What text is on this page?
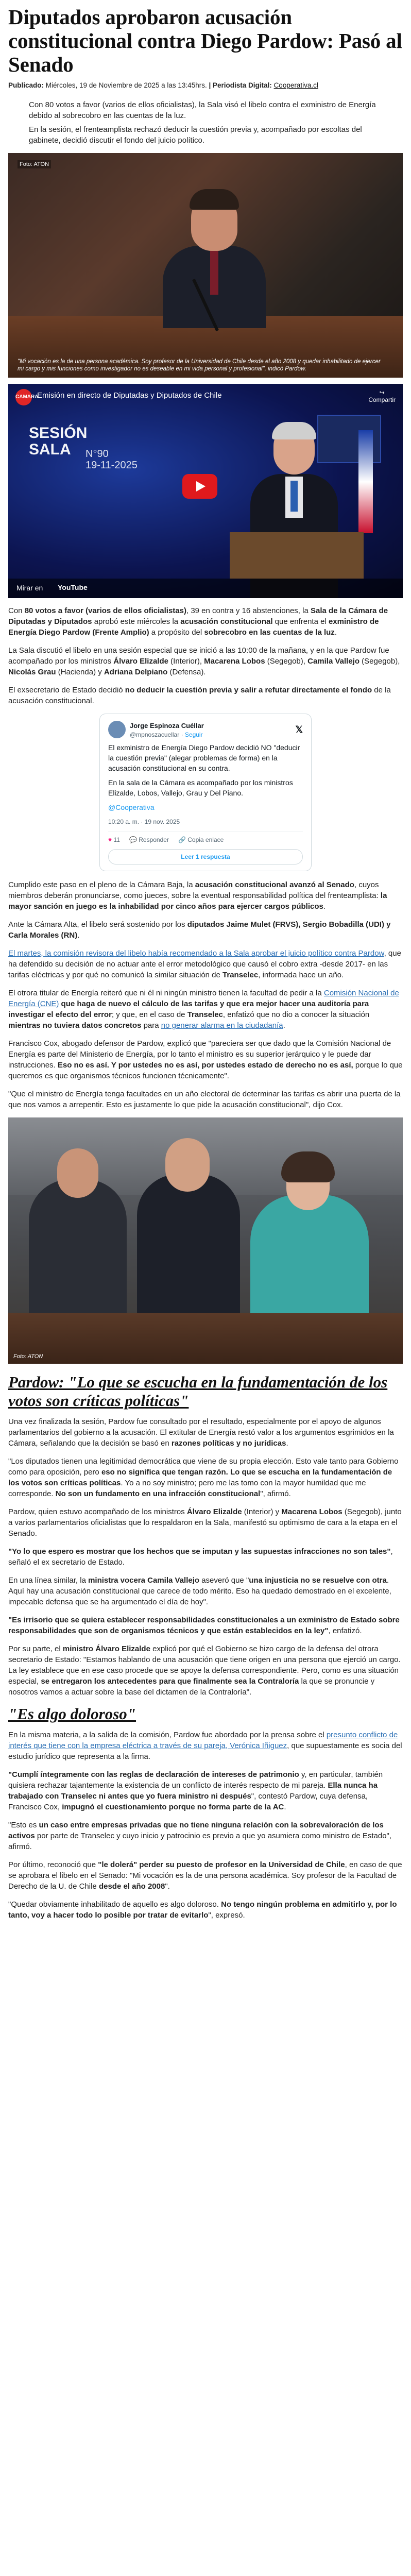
Diputados aprobaron acusación constitucional contra Diego Pardow: Pasó al Senado
Publicado: Miércoles, 19 de Noviembre de 2025 a las 13:45hrs. | Periodista Digital: Cooperativa.cl

Con 80 votos a favor (varios de ellos oficialistas), la Sala visó el libelo contra el exministro de Energía debido al sobrecobro en las cuentas de la luz.

En la sesión, el frenteamplista rechazó deducir la cuestión previa y, acompañado por escoltas del gabinete, decidió discutir el fondo del juicio político.

Foto: ATON
"Mi vocación es la de una persona académica. Soy profesor de la Universidad de Chile desde el año 2008 y quedar inhabilitado de ejercer mi cargo y mis funciones como investigador no es deseable en mi vida personal y profesional", indicó Pardow.
CAMARA
Emisión en directo de Diputadas y Diputados de Chile	↪
Compartir
SESIÓN
SALA	N°90
19-11-2025
Mirar en YouTube

Con 80 votos a favor (varios de ellos oficialistas), 39 en contra y 16 abstenciones, la Sala de la Cámara de Diputadas y Diputados aprobó este miércoles la acusación constitucional que enfrenta el exministro de Energía Diego Pardow (Frente Amplio) a propósito del sobrecobro en las cuentas de la luz.

La Sala discutió el libelo en una sesión especial que se inició a las 10:00 de la mañana, y en la que Pardow fue acompañado por los ministros Álvaro Elizalde (Interior), Macarena Lobos (Segegob), Camila Vallejo (Segegob), Nicolás Grau (Hacienda) y Adriana Delpiano (Defensa).

El exsecretario de Estado decidió no deducir la cuestión previa y salir a refutar directamente el fondo de la acusación constitucional.

Jorge Espinoza Cuéllar
@mpnoszacuellar · Seguir
𝕏

El exministro de Energía Diego Pardow decidió NO "deducir la cuestión previa" (alegar problemas de forma) en la acusación constitucional en su contra.

En la sala de la Cámara es acompañado por los ministros Elizalde, Lobos, Vallejo, Grau y Del Piano.

@Cooperativa

10:20 a. m. · 19 nov. 2025
♥ 11 💬 Responder 🔗 Copia enlace
Leer 1 respuesta

Cumplido este paso en el pleno de la Cámara Baja, la acusación constitucional avanzó al Senado, cuyos miembros deberán pronunciarse, como jueces, sobre la eventual responsabilidad política del frenteamplista: la mayor sanción en juego es la inhabilidad por cinco años para ejercer cargos públicos.

Ante la Cámara Alta, el libelo será sostenido por los diputados Jaime Mulet (FRVS), Sergio Bobadilla (UDI) y Carla Morales (RN).

El martes, la comisión revisora del libelo había recomendado a la Sala aprobar el juicio político contra Pardow, que ha defendido su decisión de no actuar ante el error metodológico que causó el cobro extra -desde 2017- en las tarifas eléctricas y por qué no comunicó la similar situación de Transelec, informada hace un año.

El otrora titular de Energía reiteró que ni él ni ningún ministro tienen la facultad de pedir a la Comisión Nacional de Energía (CNE) que haga de nuevo el cálculo de las tarifas y que era mejor hacer una auditoría para investigar el efecto del error; y que, en el caso de Transelec, enfatizó que no dio a conocer la situación mientras no tuviera datos concretos para no generar alarma en la ciudadanía.

Francisco Cox, abogado defensor de Pardow, explicó que "pareciera ser que dado que la Comisión Nacional de Energía es parte del Ministerio de Energía, por lo tanto el ministro es su superior jerárquico y le puede dar instrucciones. Eso no es así. Y por ustedes no es así, por ustedes estado de derecho no es así, porque lo que queremos es que organismos técnicos funcionen técnicamente".

"Que el ministro de Energía tenga facultades en un año electoral de determinar las tarifas es abrir una puerta de la que nos vamos a arrepentir. Esto es justamente lo que pide la acusación constitucional", dijo Cox.

Foto: ATON
Pardow: "Lo que se escucha en la fundamentación de los votos son críticas políticas"

Una vez finalizada la sesión, Pardow fue consultado por el resultado, especialmente por el apoyo de algunos parlamentarios del gobierno a la acusación. El extitular de Energía restó valor a los argumentos esgrimidos en la Cámara, señalando que la decisión se basó en razones políticas y no jurídicas.

"Los diputados tienen una legitimidad democrática que viene de su propia elección. Esto vale tanto para Gobierno como para oposición, pero eso no significa que tengan razón. Lo que se escucha en la fundamentación de los votos son críticas políticas. Yo a no soy ministro; pero me las tomo con la mayor humildad que me corresponde. No son un fundamento en una infracción constitucional", afirmó.

Pardow, quien estuvo acompañado de los ministros Álvaro Elizalde (Interior) y Macarena Lobos (Segegob), junto a varios parlamentarios oficialistas que lo respaldaron en la Sala, manifestó su optimismo de cara a la etapa en el Senado.

"Yo lo que espero es mostrar que los hechos que se imputan y las supuestas infracciones no son tales", señaló el ex secretario de Estado.

En una línea similar, la ministra vocera Camila Vallejo aseveró que "una injusticia no se resuelve con otra. Aquí hay una acusación constitucional que carece de todo mérito. Eso ha quedado demostrado en el excelente, impecable defensa que se ha argumentado el día de hoy".

"Es irrisorio que se quiera establecer responsabilidades constitucionales a un exministro de Estado sobre responsabilidades que son de organismos técnicos y que están establecidos en la ley", enfatizó.

Por su parte, el ministro Álvaro Elizalde explicó por qué el Gobierno se hizo cargo de la defensa del otrora secretario de Estado: "Estamos hablando de una acusación que tiene origen en una persona que ejerció un cargo. La ley establece que en ese caso procede que se apoye la defensa correspondiente. Pero, como es una situación especial, se entregaron los antecedentes para que finalmente sea la Contraloría la que se pronuncie y nosotros vamos a actuar sobre la base del dictamen de la Contraloría".

"Es algo doloroso"

En la misma materia, a la salida de la comisión, Pardow fue abordado por la prensa sobre el presunto conflicto de interés que tiene con la empresa eléctrica a través de su pareja, Verónica Iñiguez, que supuestamente es socia del estudio jurídico que representa a la firma.

"Cumplí íntegramente con las reglas de declaración de intereses de patrimonio y, en particular, también quisiera rechazar tajantemente la existencia de un conflicto de interés respecto de mi pareja. Ella nunca ha trabajado con Transelec ni antes que yo fuera ministro ni después", contestó Pardow, cuya defensa, Francisco Cox, impugnó el cuestionamiento porque no forma parte de la AC.

"Esto es un caso entre empresas privadas que no tiene ninguna relación con la sobrevaloración de los activos por parte de Transelec y cuyo inicio y patrocinio es previo a que yo asumiera como ministro de Estado", afirmó.

Por último, reconoció que "le dolerá" perder su puesto de profesor en la Universidad de Chile, en caso de que se aprobara el libelo en el Senado: "Mi vocación es la de una persona académica. Soy profesor de la Facultad de Derecho de la U. de Chile desde el año 2008".

"Quedar obviamente inhabilitado de aquello es algo doloroso. No tengo ningún problema en admitirlo y, por lo tanto, voy a hacer todo lo posible por tratar de evitarlo", expresó.
